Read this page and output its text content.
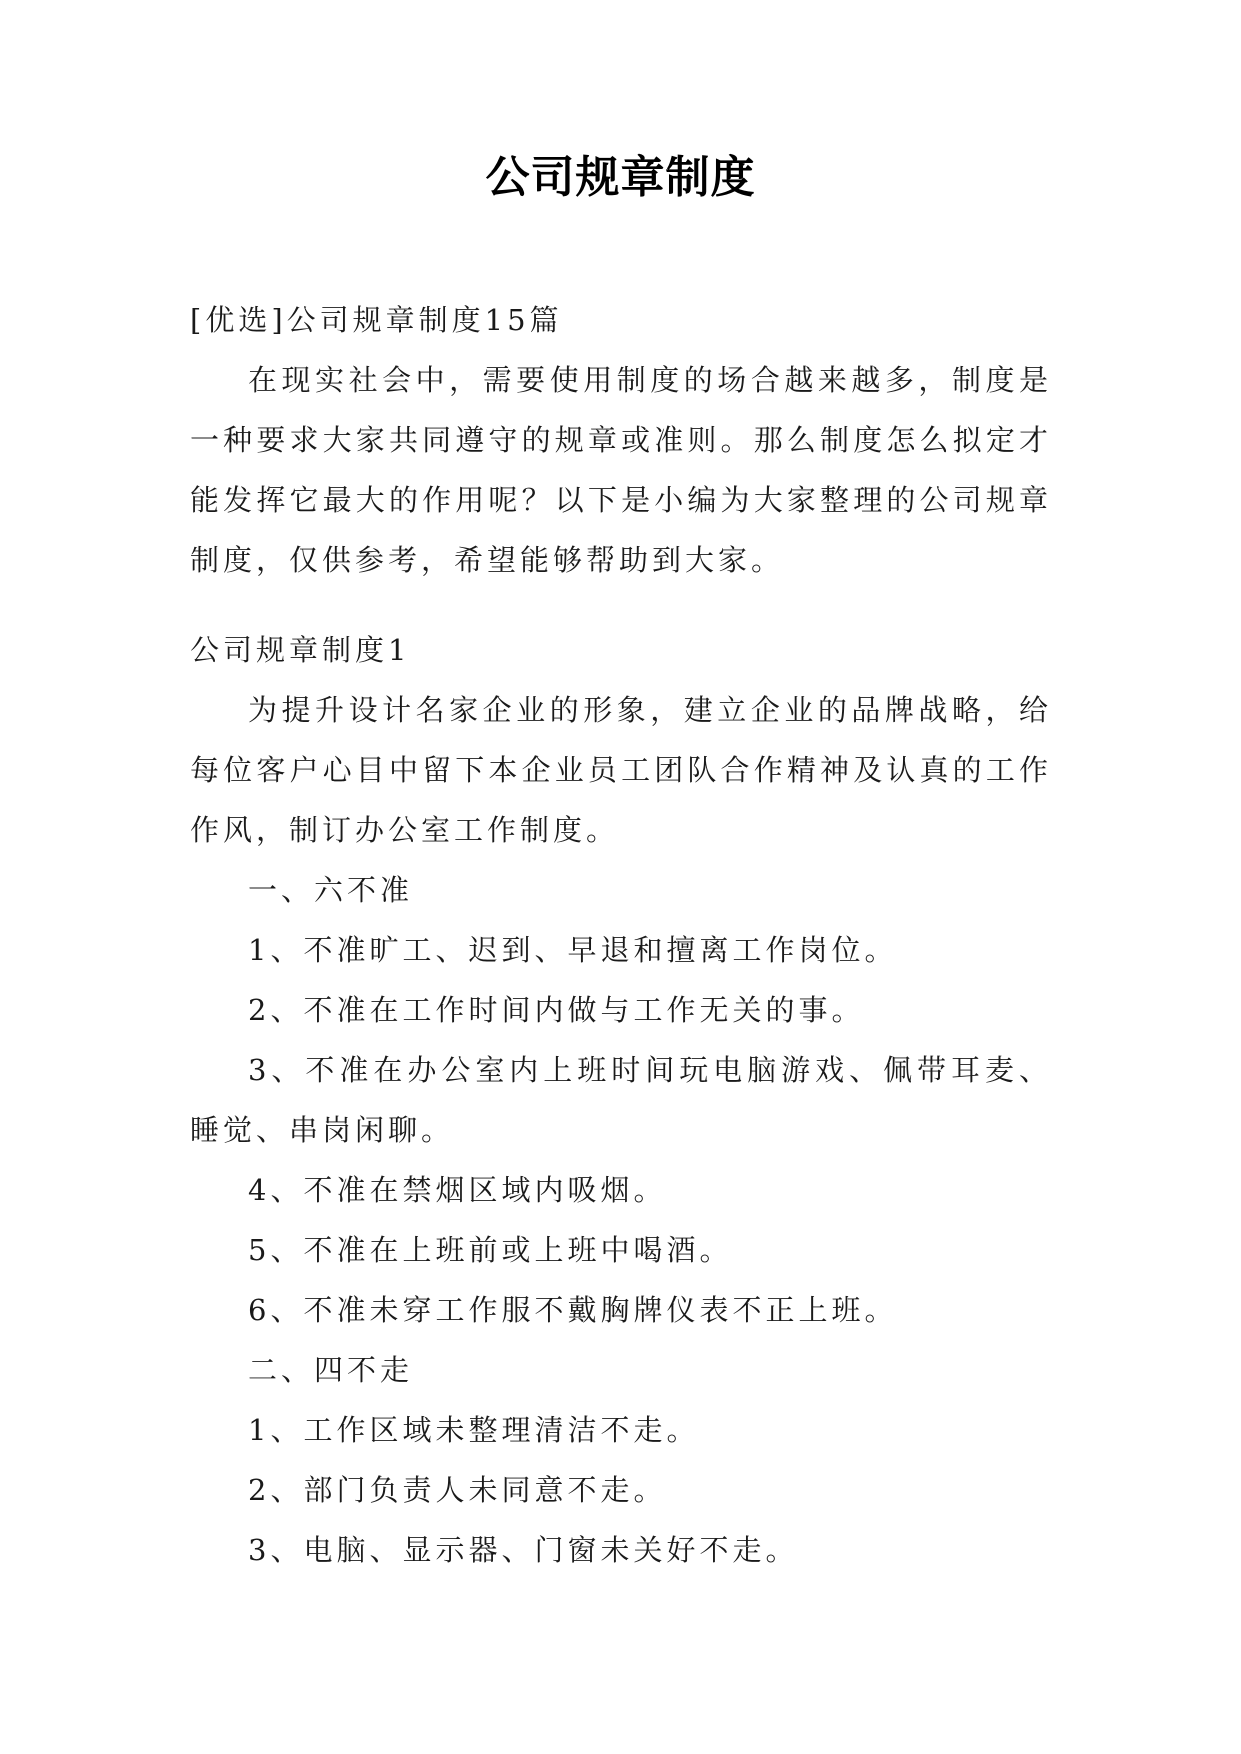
公司规章制度

[优选]公司规章制度15篇

在现实社会中，需要使用制度的场合越来越多，制度是一种要求大家共同遵守的规章或准则。那么制度怎么拟定才能发挥它最大的作用呢？以下是小编为大家整理的公司规章制度，仅供参考，希望能够帮助到大家。

公司规章制度1

为提升设计名家企业的形象，建立企业的品牌战略，给每位客户心目中留下本企业员工团队合作精神及认真的工作作风，制订办公室工作制度。

一、六不准

1、不准旷工、迟到、早退和擅离工作岗位。

2、不准在工作时间内做与工作无关的事。

3、不准在办公室内上班时间玩电脑游戏、佩带耳麦、睡觉、串岗闲聊。

4、不准在禁烟区域内吸烟。

5、不准在上班前或上班中喝酒。

6、不准未穿工作服不戴胸牌仪表不正上班。

二、四不走

1、工作区域未整理清洁不走。

2、部门负责人未同意不走。

3、电脑、显示器、门窗未关好不走。
